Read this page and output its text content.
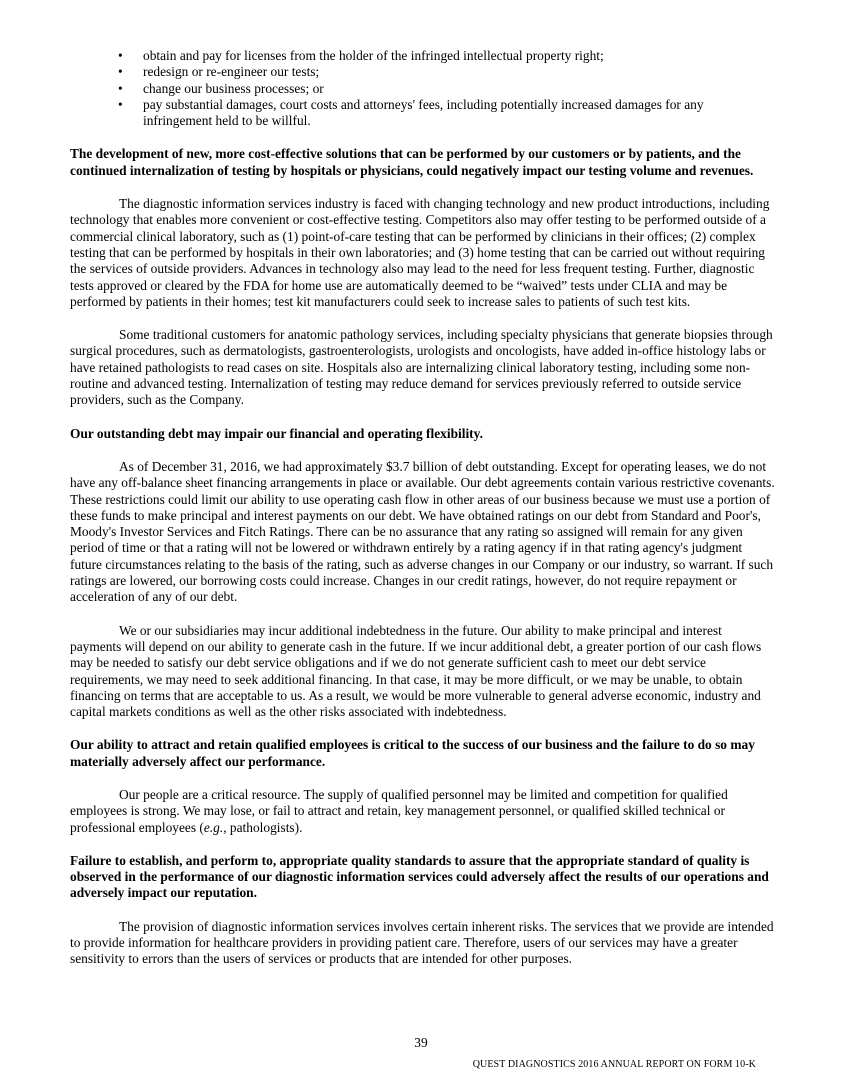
• obtain and pay for licenses from the holder of the infringed intellectual property right;
• redesign or re-engineer our tests;
• change our business processes; or
• pay substantial damages, court costs and attorneys' fees, including potentially increased damages for any infringement held to be willful.
The development of new, more cost-effective solutions that can be performed by our customers or by patients, and the continued internalization of testing by hospitals or physicians, could negatively impact our testing volume and revenues.

The diagnostic information services industry is faced with changing technology and new product introductions, including technology that enables more convenient or cost-effective testing. Competitors also may offer testing to be performed outside of a commercial clinical laboratory, such as (1) point-of-care testing that can be performed by clinicians in their offices; (2) complex testing that can be performed by hospitals in their own laboratories; and (3) home testing that can be carried out without requiring the services of outside providers. Advances in technology also may lead to the need for less frequent testing. Further, diagnostic tests approved or cleared by the FDA for home use are automatically deemed to be “waived” tests under CLIA and may be performed by patients in their homes; test kit manufacturers could seek to increase sales to patients of such test kits.

Some traditional customers for anatomic pathology services, including specialty physicians that generate biopsies through surgical procedures, such as dermatologists, gastroenterologists, urologists and oncologists, have added in-office histology labs or have retained pathologists to read cases on site. Hospitals also are internalizing clinical laboratory testing, including some non-routine and advanced testing. Internalization of testing may reduce demand for services previously referred to outside service providers, such as the Company.

Our outstanding debt may impair our financial and operating flexibility.

As of December 31, 2016, we had approximately $3.7 billion of debt outstanding. Except for operating leases, we do not have any off-balance sheet financing arrangements in place or available. Our debt agreements contain various restrictive covenants. These restrictions could limit our ability to use operating cash flow in other areas of our business because we must use a portion of these funds to make principal and interest payments on our debt. We have obtained ratings on our debt from Standard and Poor's, Moody's Investor Services and Fitch Ratings. There can be no assurance that any rating so assigned will remain for any given period of time or that a rating will not be lowered or withdrawn entirely by a rating agency if in that rating agency's judgment future circumstances relating to the basis of the rating, such as adverse changes in our Company or our industry, so warrant. If such ratings are lowered, our borrowing costs could increase. Changes in our credit ratings, however, do not require repayment or acceleration of any of our debt.

We or our subsidiaries may incur additional indebtedness in the future. Our ability to make principal and interest payments will depend on our ability to generate cash in the future. If we incur additional debt, a greater portion of our cash flows may be needed to satisfy our debt service obligations and if we do not generate sufficient cash to meet our debt service requirements, we may need to seek additional financing. In that case, it may be more difficult, or we may be unable, to obtain financing on terms that are acceptable to us. As a result, we would be more vulnerable to general adverse economic, industry and capital markets conditions as well as the other risks associated with indebtedness.

Our ability to attract and retain qualified employees is critical to the success of our business and the failure to do so may materially adversely affect our performance.

Our people are a critical resource. The supply of qualified personnel may be limited and competition for qualified employees is strong. We may lose, or fail to attract and retain, key management personnel, or qualified skilled technical or professional employees (e.g., pathologists).

Failure to establish, and perform to, appropriate quality standards to assure that the appropriate standard of quality is observed in the performance of our diagnostic information services could adversely affect the results of our operations and adversely impact our reputation.

The provision of diagnostic information services involves certain inherent risks. The services that we provide are intended to provide information for healthcare providers in providing patient care. Therefore, users of our services may have a greater sensitivity to errors than the users of services or products that are intended for other purposes.

39
QUEST DIAGNOSTICS 2016 ANNUAL REPORT ON FORM 10-K
